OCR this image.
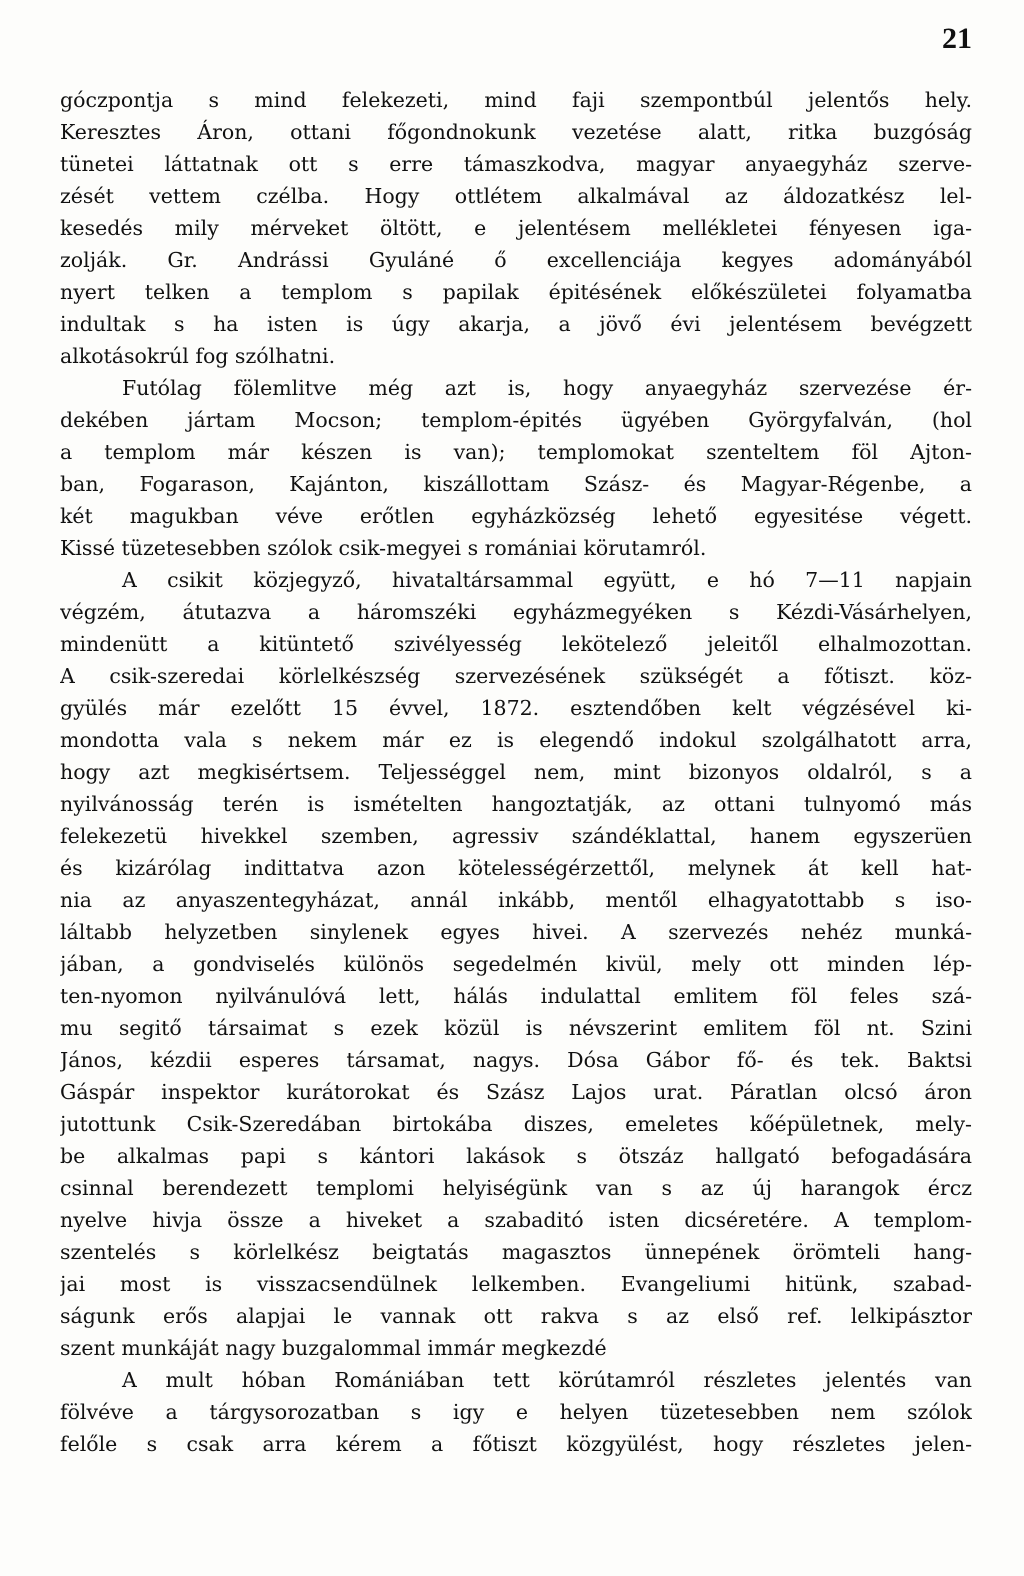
21
góczpontja s mind felekezeti, mind faji szempontbúl jelentős hely.
Keresztes Áron, ottani főgondnokunk vezetése alatt, ritka buzgóság
tünetei láttatnak ott s erre támaszkodva, magyar anyaegyház szerve-
zését vettem czélba. Hogy ottlétem alkalmával az áldozatkész lel-
kesedés mily mérveket öltött, e jelentésem mellékletei fényesen iga-
zolják. Gr. Andrássi Gyuláné ő excellenciája kegyes adományából
nyert telken a templom s papilak épitésének előkészületei folyamatba
indultak s ha isten is úgy akarja, a jövő évi jelentésem bevégzett
alkotásokrúl fog szólhatni.
Futólag fölemlitve még azt is, hogy anyaegyház szervezése ér-
dekében jártam Mocson; templom-épités ügyében Györgyfalván, (hol
a templom már készen is van); templomokat szenteltem föl Ajton-
ban, Fogarason, Kajánton, kiszállottam Szász- és Magyar-Régenbe, a
két magukban véve erőtlen egyházközség lehető egyesitése végett.
Kissé tüzetesebben szólok csik-megyei s romániai körutamról.
A csikit közjegyző, hivataltársammal együtt, e hó 7—11 napjain
végzém, átutazva a háromszéki egyházmegyéken s Kézdi-Vásárhelyen,
mindenütt a kitüntető szivélyesség lekötelező jeleitől elhalmozottan.
A csik-szeredai körlelkészség szervezésének szükségét a főtiszt. köz-
gyülés már ezelőtt 15 évvel, 1872. esztendőben kelt végzésével ki-
mondotta vala s nekem már ez is elegendő indokul szolgálhatott arra,
hogy azt megkisértsem. Teljességgel nem, mint bizonyos oldalról, s a
nyilvánosság terén is ismételten hangoztatják, az ottani tulnyomó más
felekezetü hivekkel szemben, agressiv szándéklattal, hanem egyszerüen
és kizárólag indittatva azon kötelességérzettől, melynek át kell hat-
nia az anyaszentegyházat, annál inkább, mentől elhagyatottabb s iso-
láltabb helyzetben sinylenek egyes hivei. A szervezés nehéz munká-
jában, a gondviselés különös segedelmén kivül, mely ott minden lép-
ten-nyomon nyilvánulóvá lett, hálás indulattal emlitem föl feles szá-
mu segitő társaimat s ezek közül is névszerint emlitem föl nt. Szini
János, kézdii esperes társamat, nagys. Dósa Gábor fő- és tek. Baktsi
Gáspár inspektor kurátorokat és Szász Lajos urat. Páratlan olcsó áron
jutottunk Csik-Szeredában birtokába diszes, emeletes kőépületnek, mely-
be alkalmas papi s kántori lakások s ötszáz hallgató befogadására
csinnal berendezett templomi helyiségünk van s az új harangok ércz
nyelve hivja össze a hiveket a szabaditó isten dicséretére. A templom-
szentelés s körlelkész beigtatás magasztos ünnepének örömteli hang-
jai most is visszacsendülnek lelkemben. Evangeliumi hitünk, szabad-
ságunk erős alapjai le vannak ott rakva s az első ref. lelkipásztor
szent munkáját nagy buzgalommal immár megkezdé
A mult hóban Romániában tett körútamról részletes jelentés van
fölvéve a tárgysorozatban s igy e helyen tüzetesebben nem szólok
felőle s csak arra kérem a főtiszt közgyülést, hogy részletes jelen-
